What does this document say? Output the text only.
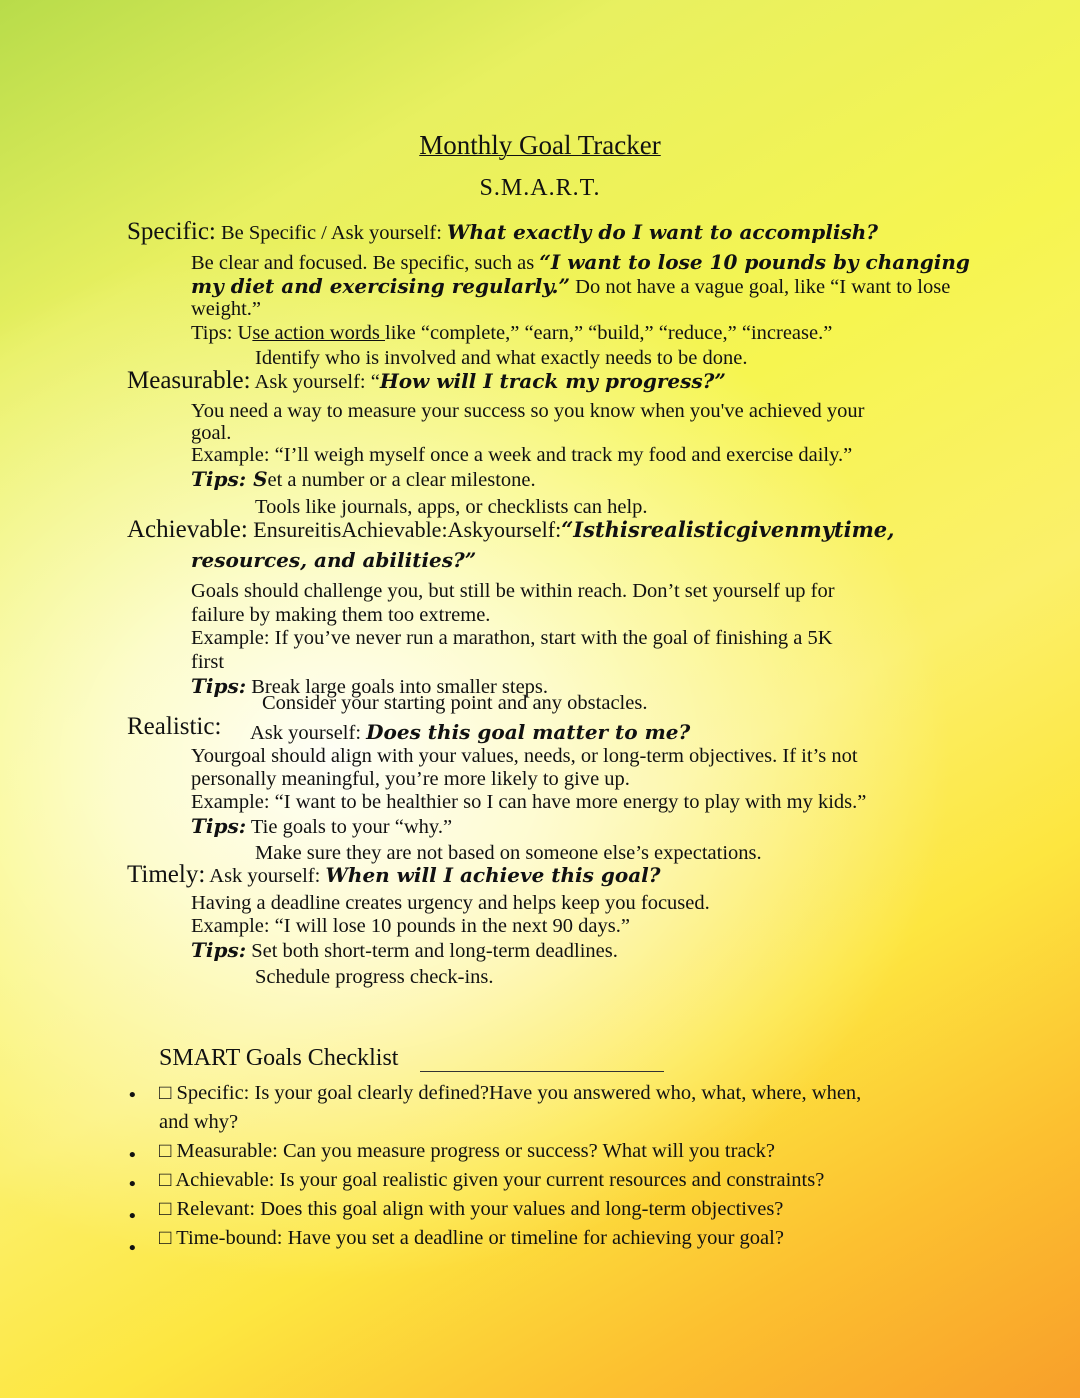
Monthly Goal Tracker
S.M.A.R.T.
Specific: Be Specific / Ask yourself: What exactly do I want to accomplish?
Be clear and focused. Be specific, such as “I want to lose 10 pounds by changing
my diet and exercising regularly.” Do not have a vague goal, like “I want to lose
weight.”
Tips: Use action words like “complete,” “earn,” “build,” “reduce,” “increase.”
Identify who is involved and what exactly needs to be done.
Measurable: Ask yourself: “How will I track my progress?”
You need a way to measure your success so you know when you've achieved your
goal.
Example: “I’ll weigh myself once a week and track my food and exercise daily.”
Tips: Set a number or a clear milestone.
Tools like journals, apps, or checklists can help.
Achievable: EnsureitisAchievable:Askyourself:“Isthisrealisticgivenmytime,
resources, and abilities?”
Goals should challenge you, but still be within reach. Don’t set yourself up for
failure by making them too extreme.
Example: If you’ve never run a marathon, start with the goal of finishing a 5K
first
Tips: Break large goals into smaller steps.
Consider your starting point and any obstacles.
Realistic: Ask yourself: Does this goal matter to me?
Yourgoal should align with your values, needs, or long-term objectives. If it’s not
personally meaningful, you’re more likely to give up.
Example: “I want to be healthier so I can have more energy to play with my kids.”
Tips: Tie goals to your “why.”
Make sure they are not based on someone else’s expectations.
Timely: Ask yourself: When will I achieve this goal?
Having a deadline creates urgency and helps keep you focused.
Example: “I will lose 10 pounds in the next 90 days.”
Tips: Set both short-term and long-term deadlines.
Schedule progress check-ins.
SMART Goals Checklist
□ Specific: Is your goal clearly defined?Have you answered who, what, where, when,
and why?
□ Measurable: Can you measure progress or success? What will you track?
□ Achievable: Is your goal realistic given your current resources and constraints?
□ Relevant: Does this goal align with your values and long-term objectives?
□ Time-bound: Have you set a deadline or timeline for achieving your goal?
•
•
•
•
•
